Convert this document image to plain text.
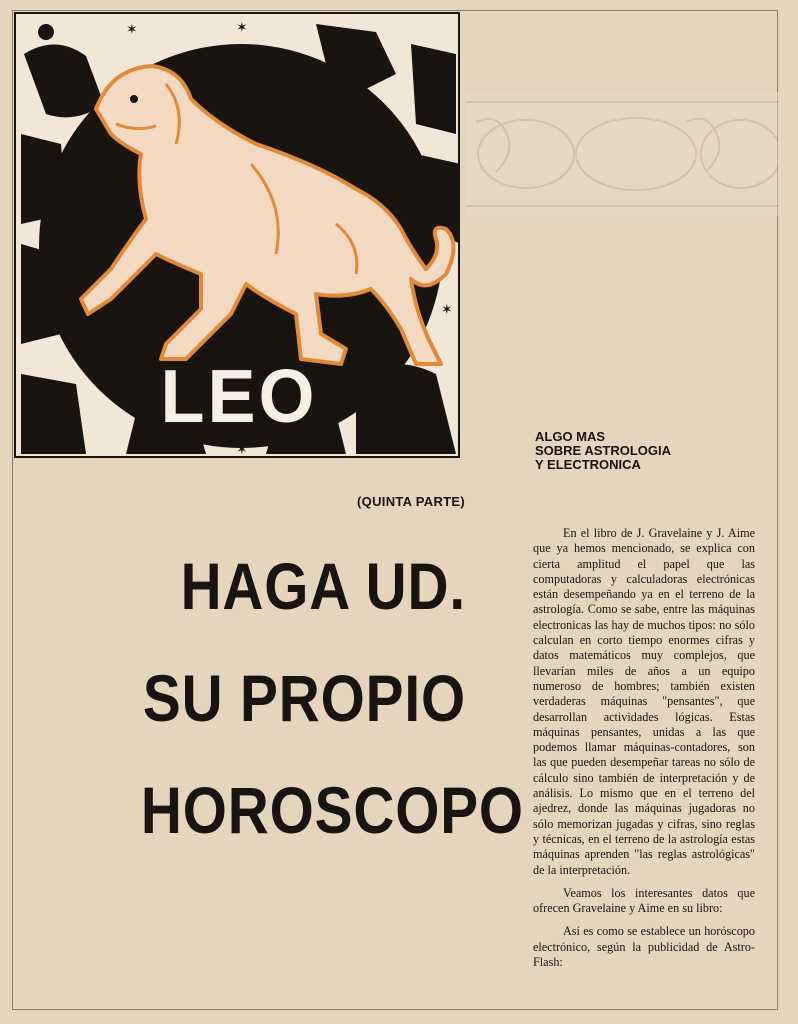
✶	✶
✶	✶
✶	✶
LEO	ALGO MAS
SOBRE ASTROLOGIA
Y ELECTRONICA
(QUINTA PARTE)
HAGA UD.
SU PROPIO
HOROSCOPO

En el libro de J. Gravelaine y J. Aime que ya hemos mencionado, se explica con cierta amplitud el papel que las computadoras y calculadoras electrónicas están desempeñando ya en el terreno de la astrología. Como se sabe, entre las máquinas electronicas las hay de muchos tipos: no sólo calculan en corto tiempo enormes cifras y datos matemáticos muy complejos, que llevarían miles de años a un equipo numeroso de hombres; también existen verdaderas máquinas "pensantes", que desarrollan actividades lógicas. Estas máquinas pensantes, unidas a las que podemos llamar máquinas-contadores, son las que pueden desempeñar tareas no sólo de cálculo sino también de interpretación y de análisis. Lo mismo que en el terreno del ajedrez, donde las máquinas jugadoras no sólo memorizan jugadas y cifras, sino reglas y técnicas, en el terreno de la astrología estas máquinas aprenden "las reglas astrológicas" de la interpretación.

Veamos los interesantes datos que ofrecen Gravelaine y Aime en su libro:

Así es como se establece un horóscopo electrónico, según la publicidad de Astro-Flash:
